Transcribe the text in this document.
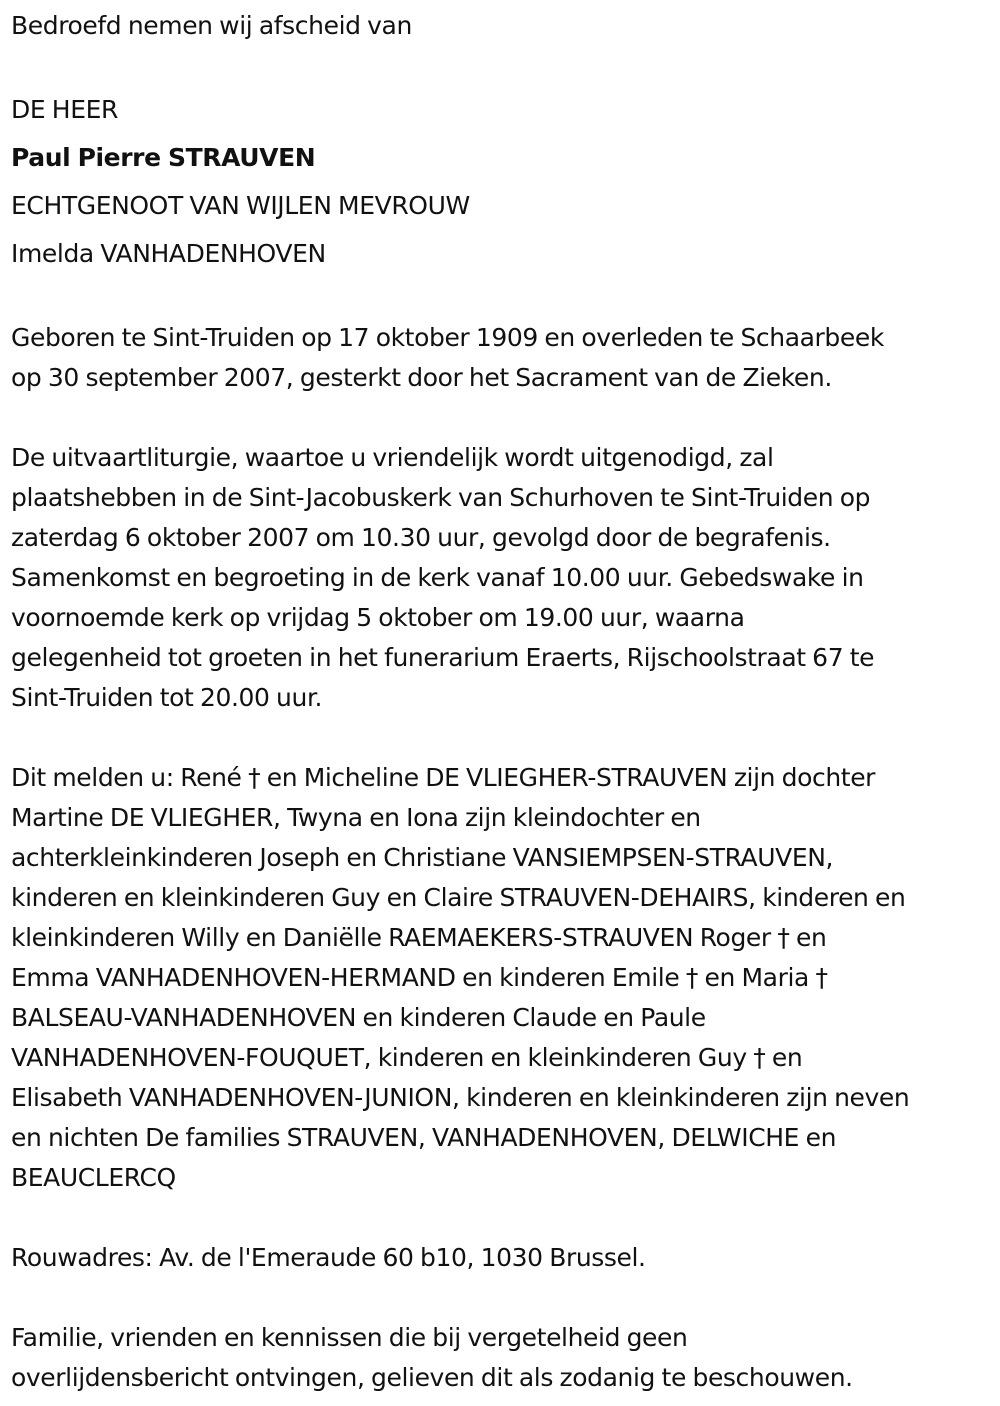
Bedroefd nemen wij afscheid van

DE HEER

Paul Pierre STRAUVEN

ECHTGENOOT VAN WIJLEN MEVROUW

Imelda VANHADENHOVEN

Geboren te Sint-Truiden op 17 oktober 1909 en overleden te Schaarbeek
op 30 september 2007, gesterkt door het Sacrament van de Zieken.

De uitvaartliturgie, waartoe u vriendelijk wordt uitgenodigd, zal
plaatshebben in de Sint-Jacobuskerk van Schurhoven te Sint-Truiden op
zaterdag 6 oktober 2007 om 10.30 uur, gevolgd door de begrafenis.
Samenkomst en begroeting in de kerk vanaf 10.00 uur. Gebedswake in
voornoemde kerk op vrijdag 5 oktober om 19.00 uur, waarna
gelegenheid tot groeten in het funerarium Eraerts, Rijschoolstraat 67 te
Sint-Truiden tot 20.00 uur.

Dit melden u: René † en Micheline DE VLIEGHER-STRAUVEN zijn dochter
Martine DE VLIEGHER, Twyna en Iona zijn kleindochter en
achterkleinkinderen Joseph en Christiane VANSIEMPSEN-STRAUVEN,
kinderen en kleinkinderen Guy en Claire STRAUVEN-DEHAIRS, kinderen en
kleinkinderen Willy en Daniëlle RAEMAEKERS-STRAUVEN Roger † en
Emma VANHADENHOVEN-HERMAND en kinderen Emile † en Maria †
BALSEAU-VANHADENHOVEN en kinderen Claude en Paule
VANHADENHOVEN-FOUQUET, kinderen en kleinkinderen Guy † en
Elisabeth VANHADENHOVEN-JUNION, kinderen en kleinkinderen zijn neven
en nichten De families STRAUVEN, VANHADENHOVEN, DELWICHE en
BEAUCLERCQ

Rouwadres: Av. de l'Emeraude 60 b10, 1030 Brussel.

Familie, vrienden en kennissen die bij vergetelheid geen
overlijdensbericht ontvingen, gelieven dit als zodanig te beschouwen.
